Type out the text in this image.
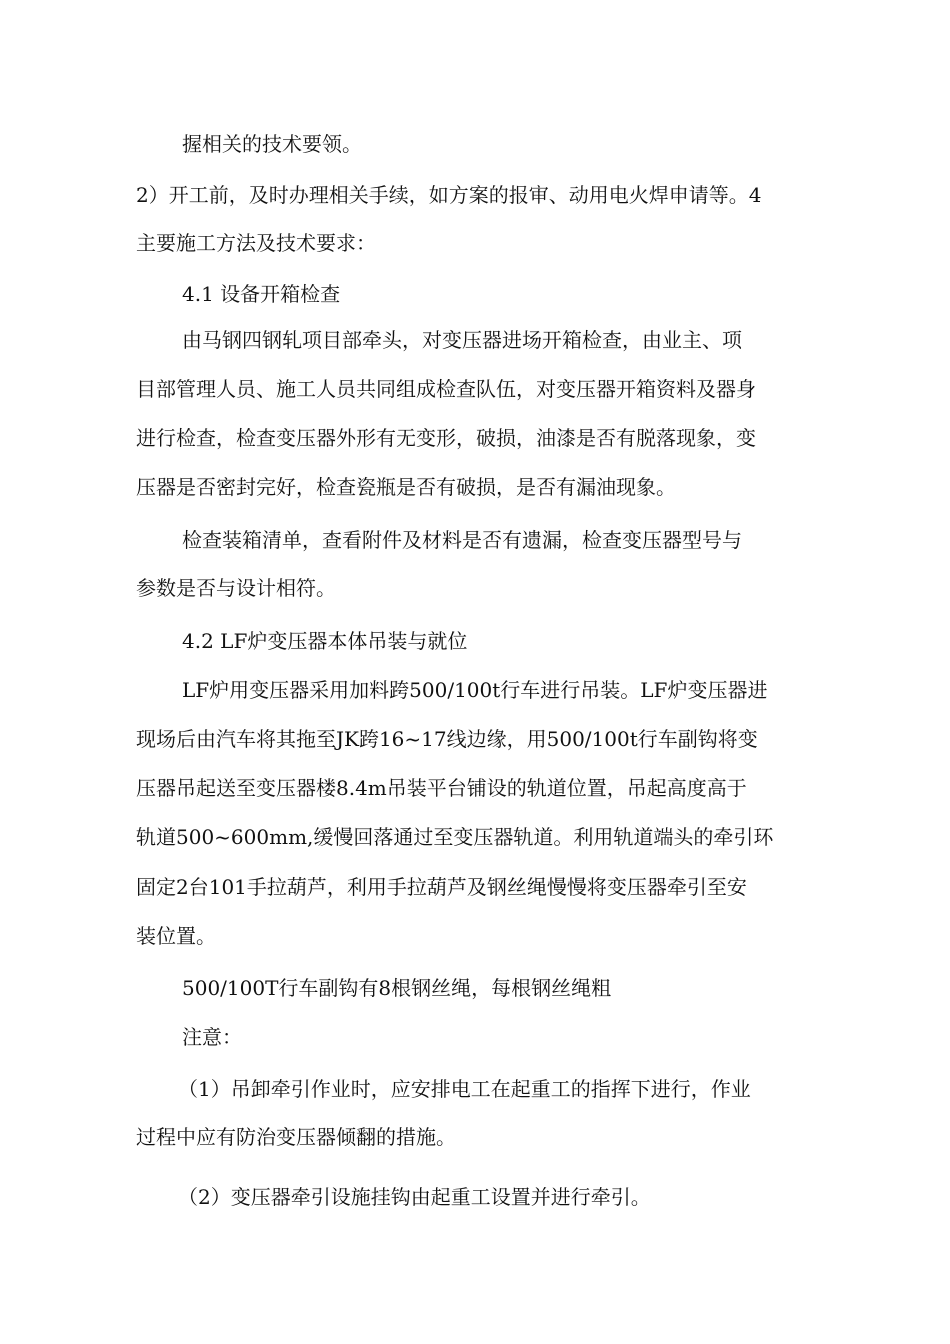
握相关的技术要领。
2）开工前，及时办理相关手续，如方案的报审、动用电火焊申请等。4
主要施工方法及技术要求：
4.1 设备开箱检查
由马钢四钢轧项目部牵头，对变压器进场开箱检查，由业主、项
目部管理人员、施工人员共同组成检查队伍，对变压器开箱资料及器身
进行检查，检查变压器外形有无变形，破损，油漆是否有脱落现象，变
压器是否密封完好，检查瓷瓶是否有破损，是否有漏油现象。
检查装箱清单，查看附件及材料是否有遗漏，检查变压器型号与
参数是否与设计相符。
4.2 LF炉变压器本体吊装与就位
LF炉用变压器采用加料跨500/100t行车进行吊装。LF炉变压器进
现场后由汽车将其拖至JK跨16~17线边缘，用500/100t行车副钩将变
压器吊起送至变压器楼8.4m吊装平台铺设的轨道位置，吊起高度高于
轨道500~600mm,缓慢回落通过至变压器轨道。利用轨道端头的牵引环
固定2台101手拉葫芦，利用手拉葫芦及钢丝绳慢慢将变压器牵引至安
装位置。
500/100T行车副钩有8根钢丝绳，每根钢丝绳粗
注意：
（1）吊卸牵引作业时，应安排电工在起重工的指挥下进行，作业
过程中应有防治变压器倾翻的措施。
（2）变压器牵引设施挂钩由起重工设置并进行牵引。
